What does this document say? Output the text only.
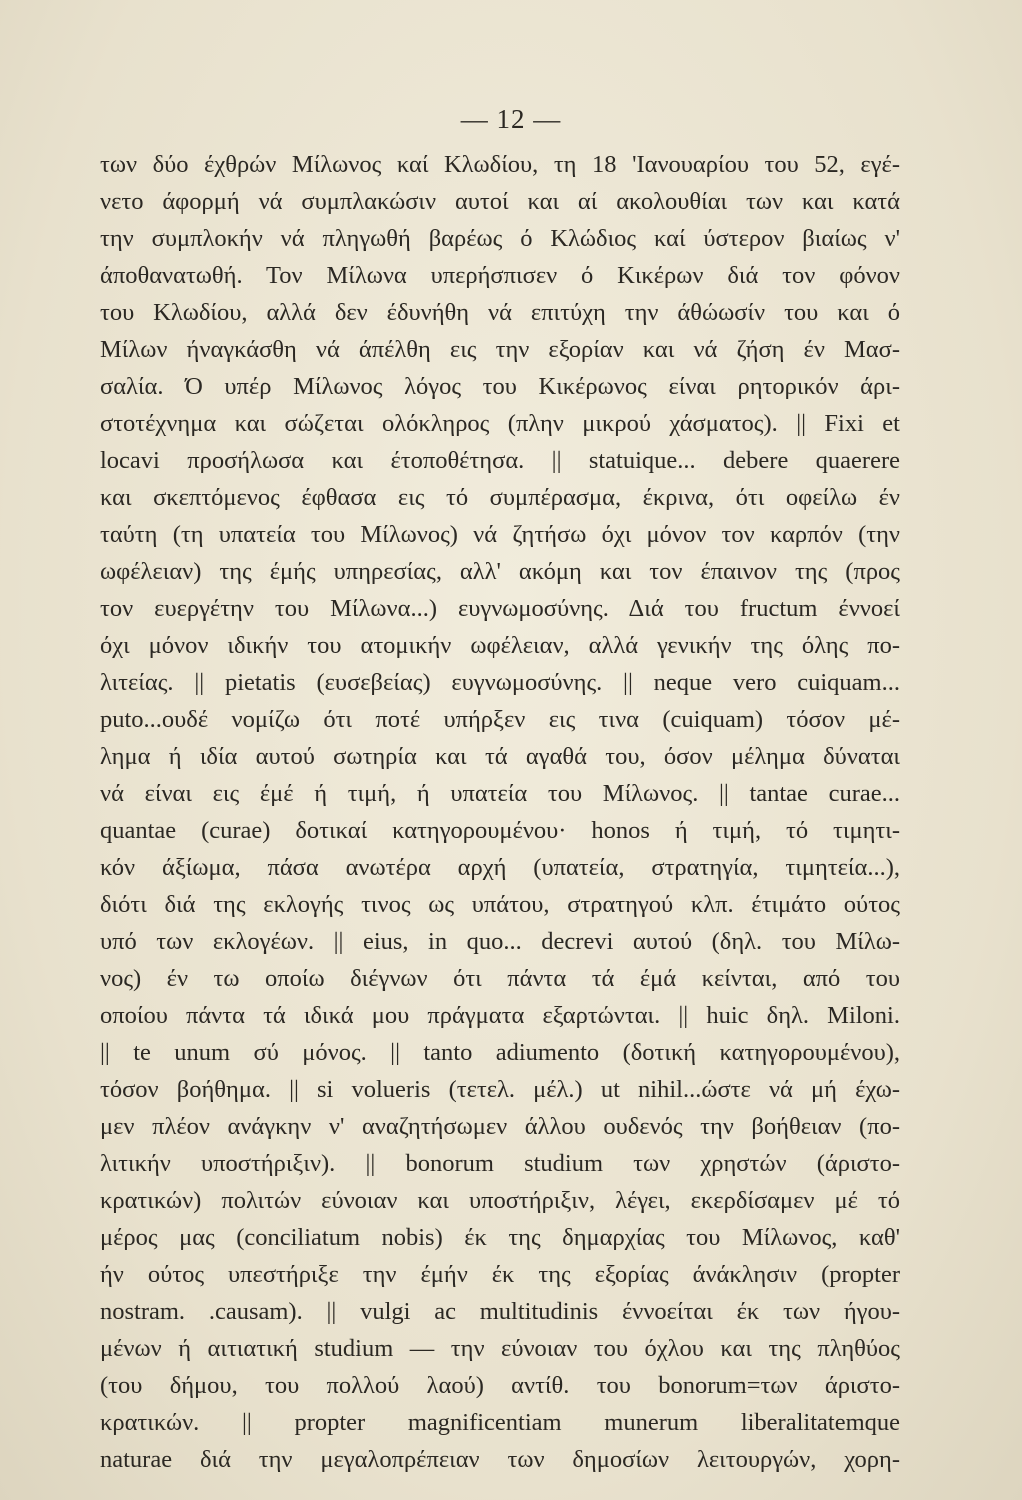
— 12 —
των δύο έχθρών Μίλωνος καί Κλωδίου, τη 18 'Ιανουαρίου του 52, εγέ-
νετο άφορμή νά συμπλακώσιν αυτοί και αί ακολουθίαι των και κατά
την συμπλοκήν νά πληγωθή βαρέως ό Κλώδιος καί ύστερον βιαίως ν'
άποθανατωθή. Τον Μίλωνα υπερήσπισεν ό Κικέρων διά τον φόνον
του Κλωδίου, αλλά δεν έδυνήθη νά επιτύχη την άθώωσίν του και ό
Μίλων ήναγκάσθη νά άπέλθη εις την εξορίαν και νά ζήση έν Μασ-
σαλία. Ό υπέρ Μίλωνος λόγος του Κικέρωνος είναι ρητορικόν άρι-
στοτέχνημα και σώζεται ολόκληρος (πλην μικρού χάσματος). || Fixi et
locavi προσήλωσα και έτοποθέτησα. || statuique... debere quaerere
και σκεπτόμενος έφθασα εις τό συμπέρασμα, έκρινα, ότι οφείλω έν
ταύτη (τη υπατεία του Μίλωνος) νά ζητήσω όχι μόνον τον καρπόν (την
ωφέλειαν) της έμής υπηρεσίας, αλλ' ακόμη και τον έπαινον της (προς
τον ευεργέτην του Μίλωνα...) ευγνωμοσύνης. Διά του fructum έννοεί
όχι μόνον ιδικήν του ατομικήν ωφέλειαν, αλλά γενικήν της όλης πο-
λιτείας. || pietatis (ευσεβείας) ευγνωμοσύνης. || neque vero cuiquam...
puto...ουδέ νομίζω ότι ποτέ υπήρξεν εις τινα (cuiquam) τόσον μέ-
λημα ή ιδία αυτού σωτηρία και τά αγαθά του, όσον μέλημα δύναται
νά είναι εις έμέ ή τιμή, ή υπατεία του Μίλωνος. || tantae curae...
quantae (curae) δοτικαί κατηγορουμένου· honos ή τιμή, τό τιμητι-
κόν άξίωμα, πάσα ανωτέρα αρχή (υπατεία, στρατηγία, τιμητεία...),
διότι διά της εκλογής τινος ως υπάτου, στρατηγού κλπ. έτιμάτο ούτος
υπό των εκλογέων. || eius, in quo... decrevi αυτού (δηλ. του Μίλω-
νος) έν τω οποίω διέγνων ότι πάντα τά έμά κείνται, από του
οποίου πάντα τά ιδικά μου πράγματα εξαρτώνται. || huic δηλ. Miloni.
|| te unum σύ μόνος. || tanto adiumento (δοτική κατηγορουμένου),
τόσον βοήθημα. || si volueris (τετελ. μέλ.) ut nihil...ώστε νά μή έχω-
μεν πλέον ανάγκην ν' αναζητήσωμεν άλλου ουδενός την βοήθειαν (πο-
λιτικήν υποστήριξιν). || bonorum studium των χρηστών (άριστο-
κρατικών) πολιτών εύνοιαν και υποστήριξιν, λέγει, εκερδίσαμεν μέ τό
μέρος μας (conciliatum nobis) έκ της δημαρχίας του Μίλωνος, καθ'
ήν ούτος υπεστήριξε την έμήν έκ της εξορίας άνάκλησιν (propter
nostram. .causam). || vulgi ac multitudinis έννοείται έκ των ήγου-
μένων ή αιτιατική studium — την εύνοιαν του όχλου και της πληθύος
(του δήμου, του πολλού λαού) αντίθ. του bonorum=των άριστο-
κρατικών. || propter magnificentiam munerum liberalitatemque
naturae διά την μεγαλοπρέπειαν των δημοσίων λειτουργών, χορη-
